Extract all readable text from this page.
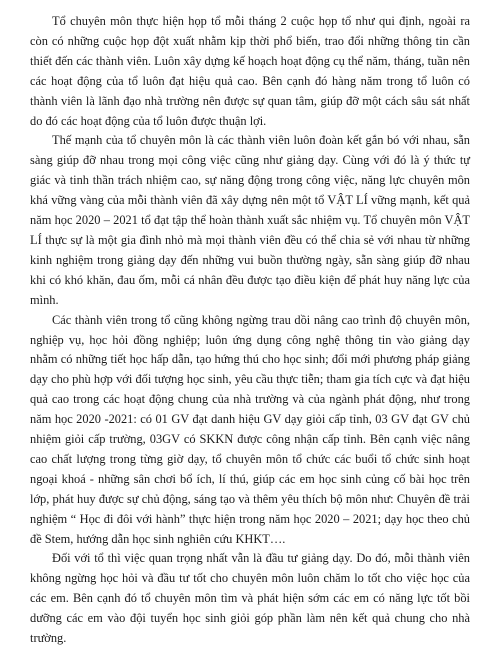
Tổ chuyên môn thực hiện họp tổ mỗi tháng 2 cuộc họp tổ như qui định, ngoài ra còn có những cuộc họp đột xuất nhằm kịp thời phổ biến, trao đổi những thông tin cần thiết đến các thành viên. Luôn xây dựng kế hoạch hoạt động cụ thể năm, tháng, tuần nên các hoạt động của tổ luôn đạt hiệu quả cao. Bên cạnh đó hàng năm trong tổ luôn có thành viên là lãnh đạo nhà trường nên được sự quan tâm, giúp đỡ một cách sâu sát nhất do đó các hoạt động của tổ luôn được thuận lợi.

Thế mạnh của tổ chuyên môn là các thành viên luôn đoàn kết gắn bó với nhau, sẵn sàng giúp đỡ nhau trong mọi công việc cũng như giảng dạy. Cùng với đó là ý thức tự giác và tinh thần trách nhiệm cao, sự năng động trong công việc, năng lực chuyên môn khá vững vàng của mỗi thành viên đã xây dựng nên một tổ VẬT LÍ vững mạnh, kết quả năm học 2020 – 2021 tổ đạt tập thể hoàn thành xuất sắc nhiệm vụ. Tổ chuyên môn VẬT LÍ thực sự là một gia đình nhỏ mà mọi thành viên đều có thể chia sẻ với nhau từ những kinh nghiệm trong giảng dạy đến những vui buồn thường ngày, sẵn sàng giúp đỡ nhau khi có khó khăn, đau ốm, mỗi cá nhân đều được tạo điều kiện để phát huy năng lực của mình.

Các thành viên trong tổ cũng không ngừng trau dồi nâng cao trình độ chuyên môn, nghiệp vụ, học hỏi đồng nghiệp; luôn ứng dụng công nghệ thông tin vào giảng dạy nhằm có những tiết học hấp dẫn, tạo hứng thú cho học sinh; đổi mới phương pháp giảng dạy cho phù hợp với đối tượng học sinh, yêu cầu thực tiễn; tham gia tích cực và đạt hiệu quả cao trong các hoạt động chung của nhà trường và của ngành phát động, như trong năm học 2020 -2021: có 01 GV đạt danh hiệu GV dạy giỏi cấp tỉnh, 03 GV đạt GV chủ nhiệm giỏi cấp trường, 03GV có SKKN được công nhận cấp tỉnh. Bên cạnh việc nâng cao chất lượng trong từng giờ dạy, tổ chuyên môn tổ chức các buổi tổ chức sinh hoạt ngoại khoá - những sân chơi bổ ích, lí thú, giúp các em học sinh củng cố bài học trên lớp, phát huy được sự chủ động, sáng tạo và thêm yêu thích bộ môn như: Chuyên đề trải nghiệm “ Học đi đôi với hành” thực hiện trong năm học 2020 – 2021; dạy học theo chủ đề Stem, hướng dẫn học sinh nghiên cứu KHKT….

Đối với tổ thì việc quan trọng nhất vẫn là đầu tư giảng dạy. Do đó, mỗi thành viên không ngừng học hỏi và đầu tư tốt cho chuyên môn luôn chăm lo tốt cho việc học của các em. Bên cạnh đó tổ chuyên môn tìm và phát hiện sớm các em có năng lực tốt bồi dưỡng các em vào đội tuyển học sinh giỏi góp phần làm nên kết quả chung cho nhà trường.
